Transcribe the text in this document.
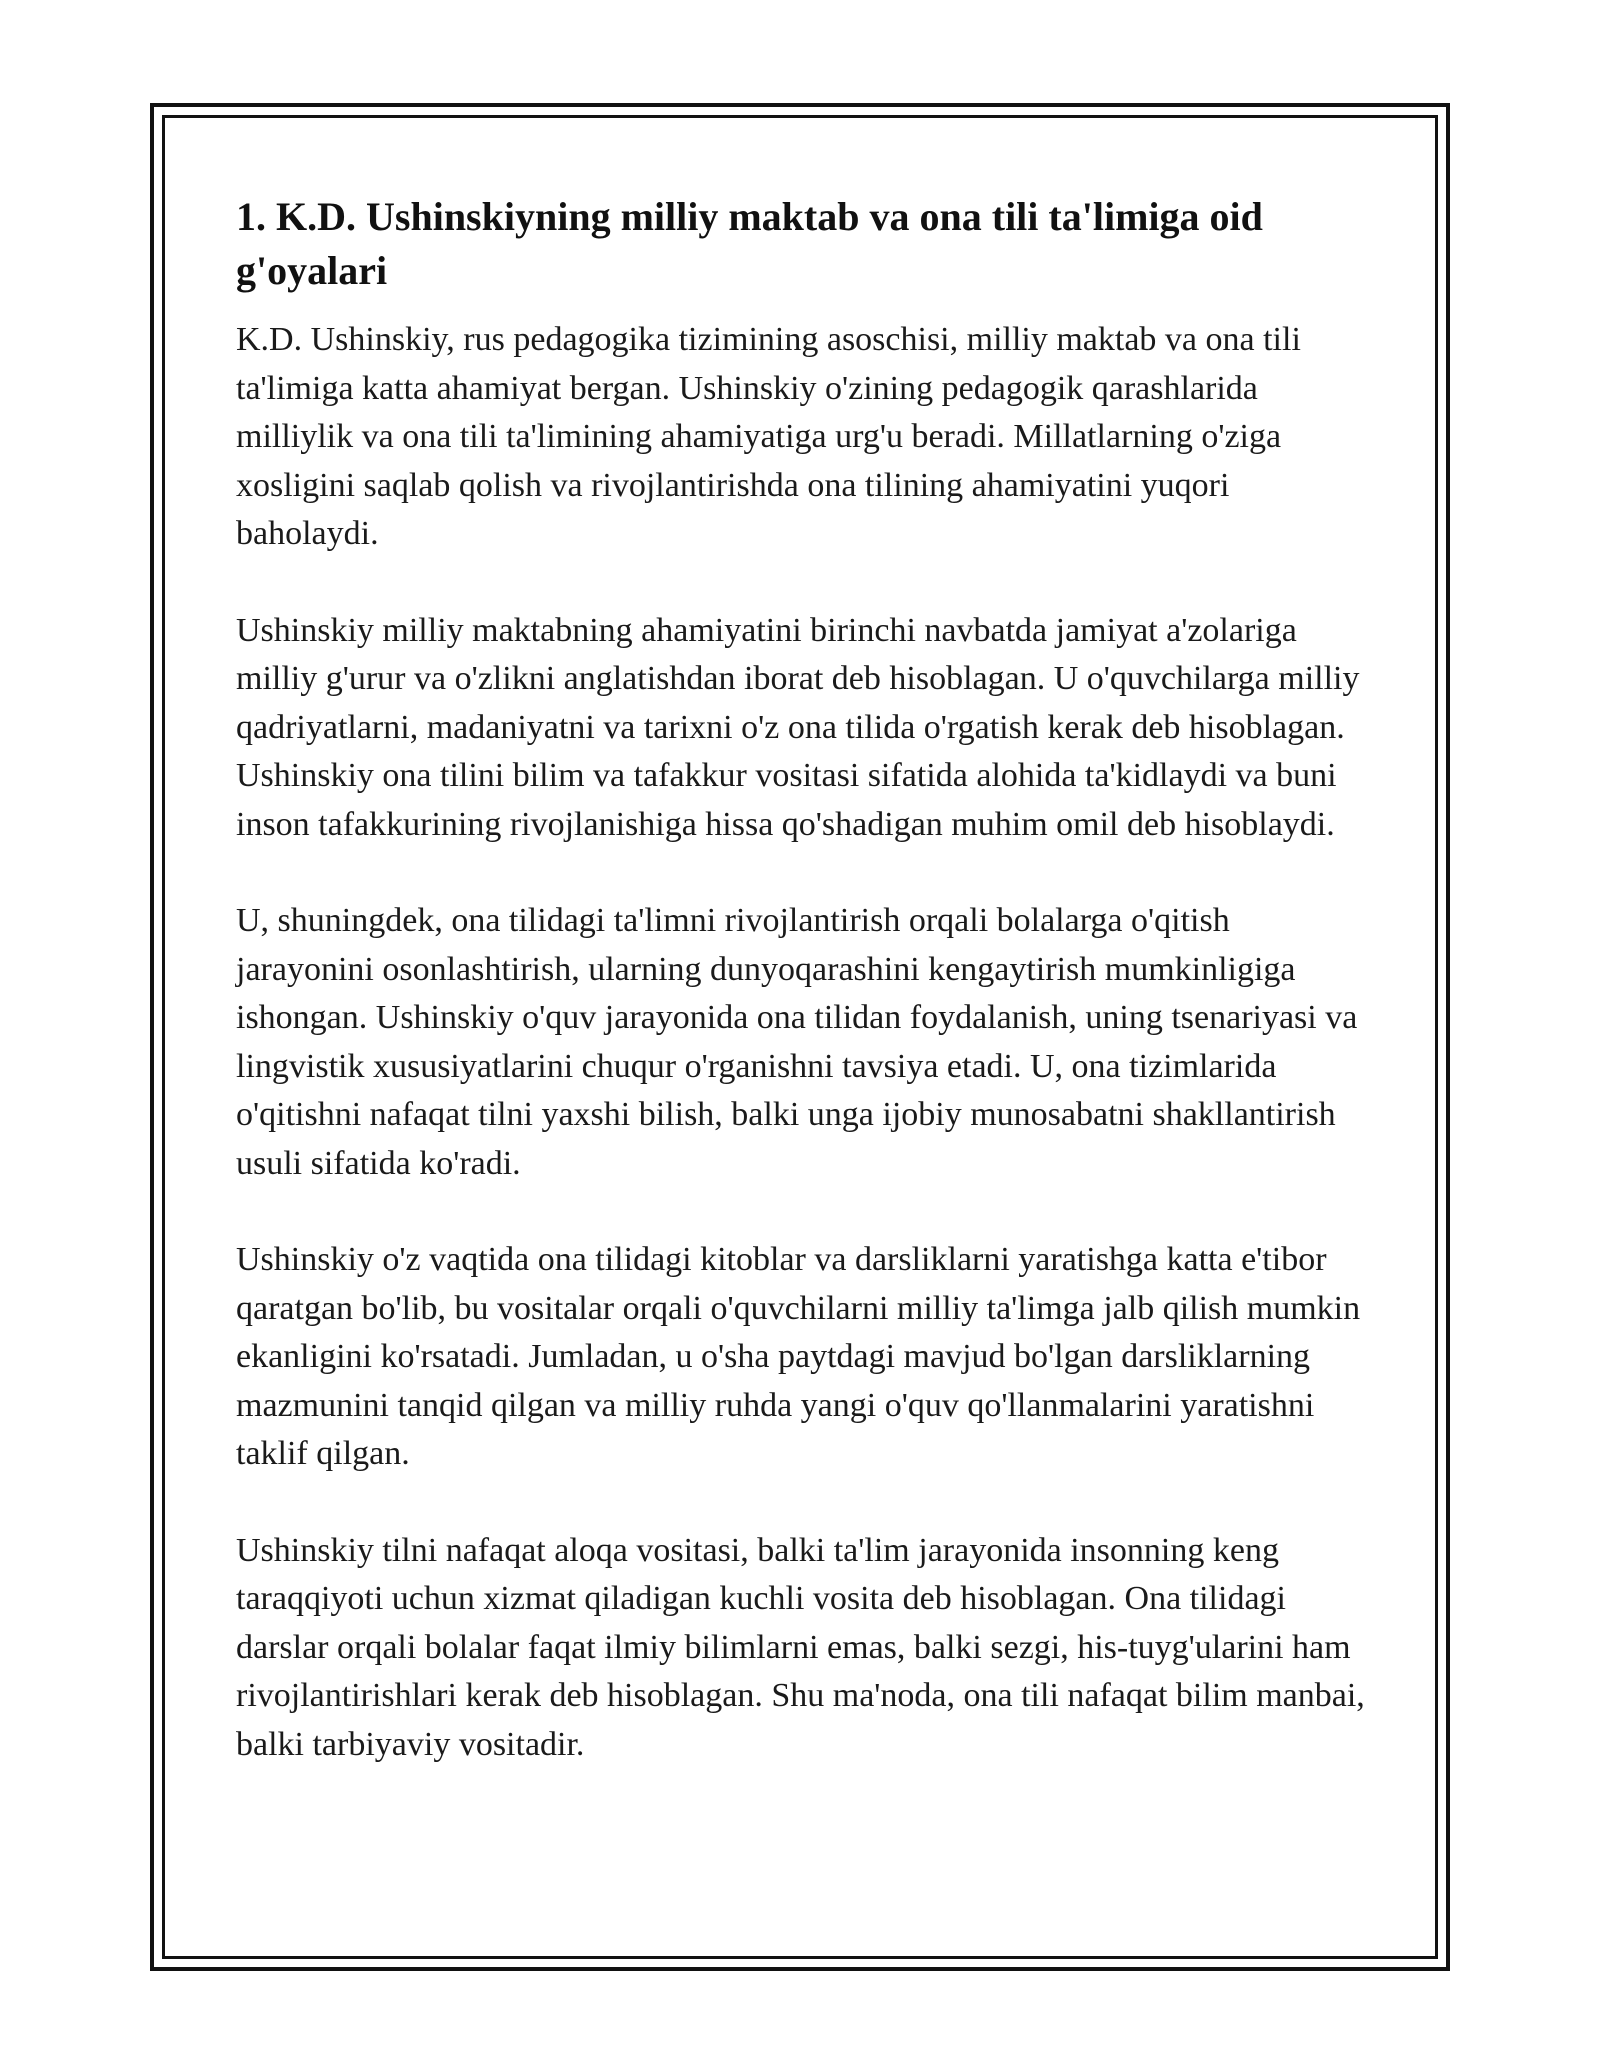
1. K.D. Ushinskiyning milliy maktab va ona tili ta'limiga oid g'oyalari

K.D. Ushinskiy, rus pedagogika tizimining asoschisi, milliy maktab va ona tili ta'limiga katta ahamiyat bergan. Ushinskiy o'zining pedagogik qarashlarida milliylik va ona tili ta'limining ahamiyatiga urg'u beradi. Millatlarning o'ziga xosligini saqlab qolish va rivojlantirishda ona tilining ahamiyatini yuqori baholaydi.

Ushinskiy milliy maktabning ahamiyatini birinchi navbatda jamiyat a'zolariga milliy g'urur va o'zlikni anglatishdan iborat deb hisoblagan. U o'quvchilarga milliy qadriyatlarni, madaniyatni va tarixni o'z ona tilida o'rgatish kerak deb hisoblagan. Ushinskiy ona tilini bilim va tafakkur vositasi sifatida alohida ta'kidlaydi va buni inson tafakkurining rivojlanishiga hissa qo'shadigan muhim omil deb hisoblaydi.

U, shuningdek, ona tilidagi ta'limni rivojlantirish orqali bolalarga o'qitish jarayonini osonlashtirish, ularning dunyoqarashini kengaytirish mumkinligiga ishongan. Ushinskiy o'quv jarayonida ona tilidan foydalanish, uning tsenariyasi va lingvistik xususiyatlarini chuqur o'rganishni tavsiya etadi. U, ona tizimlarida o'qitishni nafaqat tilni yaxshi bilish, balki unga ijobiy munosabatni shakllantirish usuli sifatida ko'radi.

Ushinskiy o'z vaqtida ona tilidagi kitoblar va darsliklarni yaratishga katta e'tibor qaratgan bo'lib, bu vositalar orqali o'quvchilarni milliy ta'limga jalb qilish mumkin ekanligini ko'rsatadi. Jumladan, u o'sha paytdagi mavjud bo'lgan darsliklarning mazmunini tanqid qilgan va milliy ruhda yangi o'quv qo'llanmalarini yaratishni taklif qilgan.

Ushinskiy tilni nafaqat aloqa vositasi, balki ta'lim jarayonida insonning keng taraqqiyoti uchun xizmat qiladigan kuchli vosita deb hisoblagan. Ona tilidagi darslar orqali bolalar faqat ilmiy bilimlarni emas, balki sezgi, his-tuyg'ularini ham rivojlantirishlari kerak deb hisoblagan. Shu ma'noda, ona tili nafaqat bilim manbai, balki tarbiyaviy vositadir.
